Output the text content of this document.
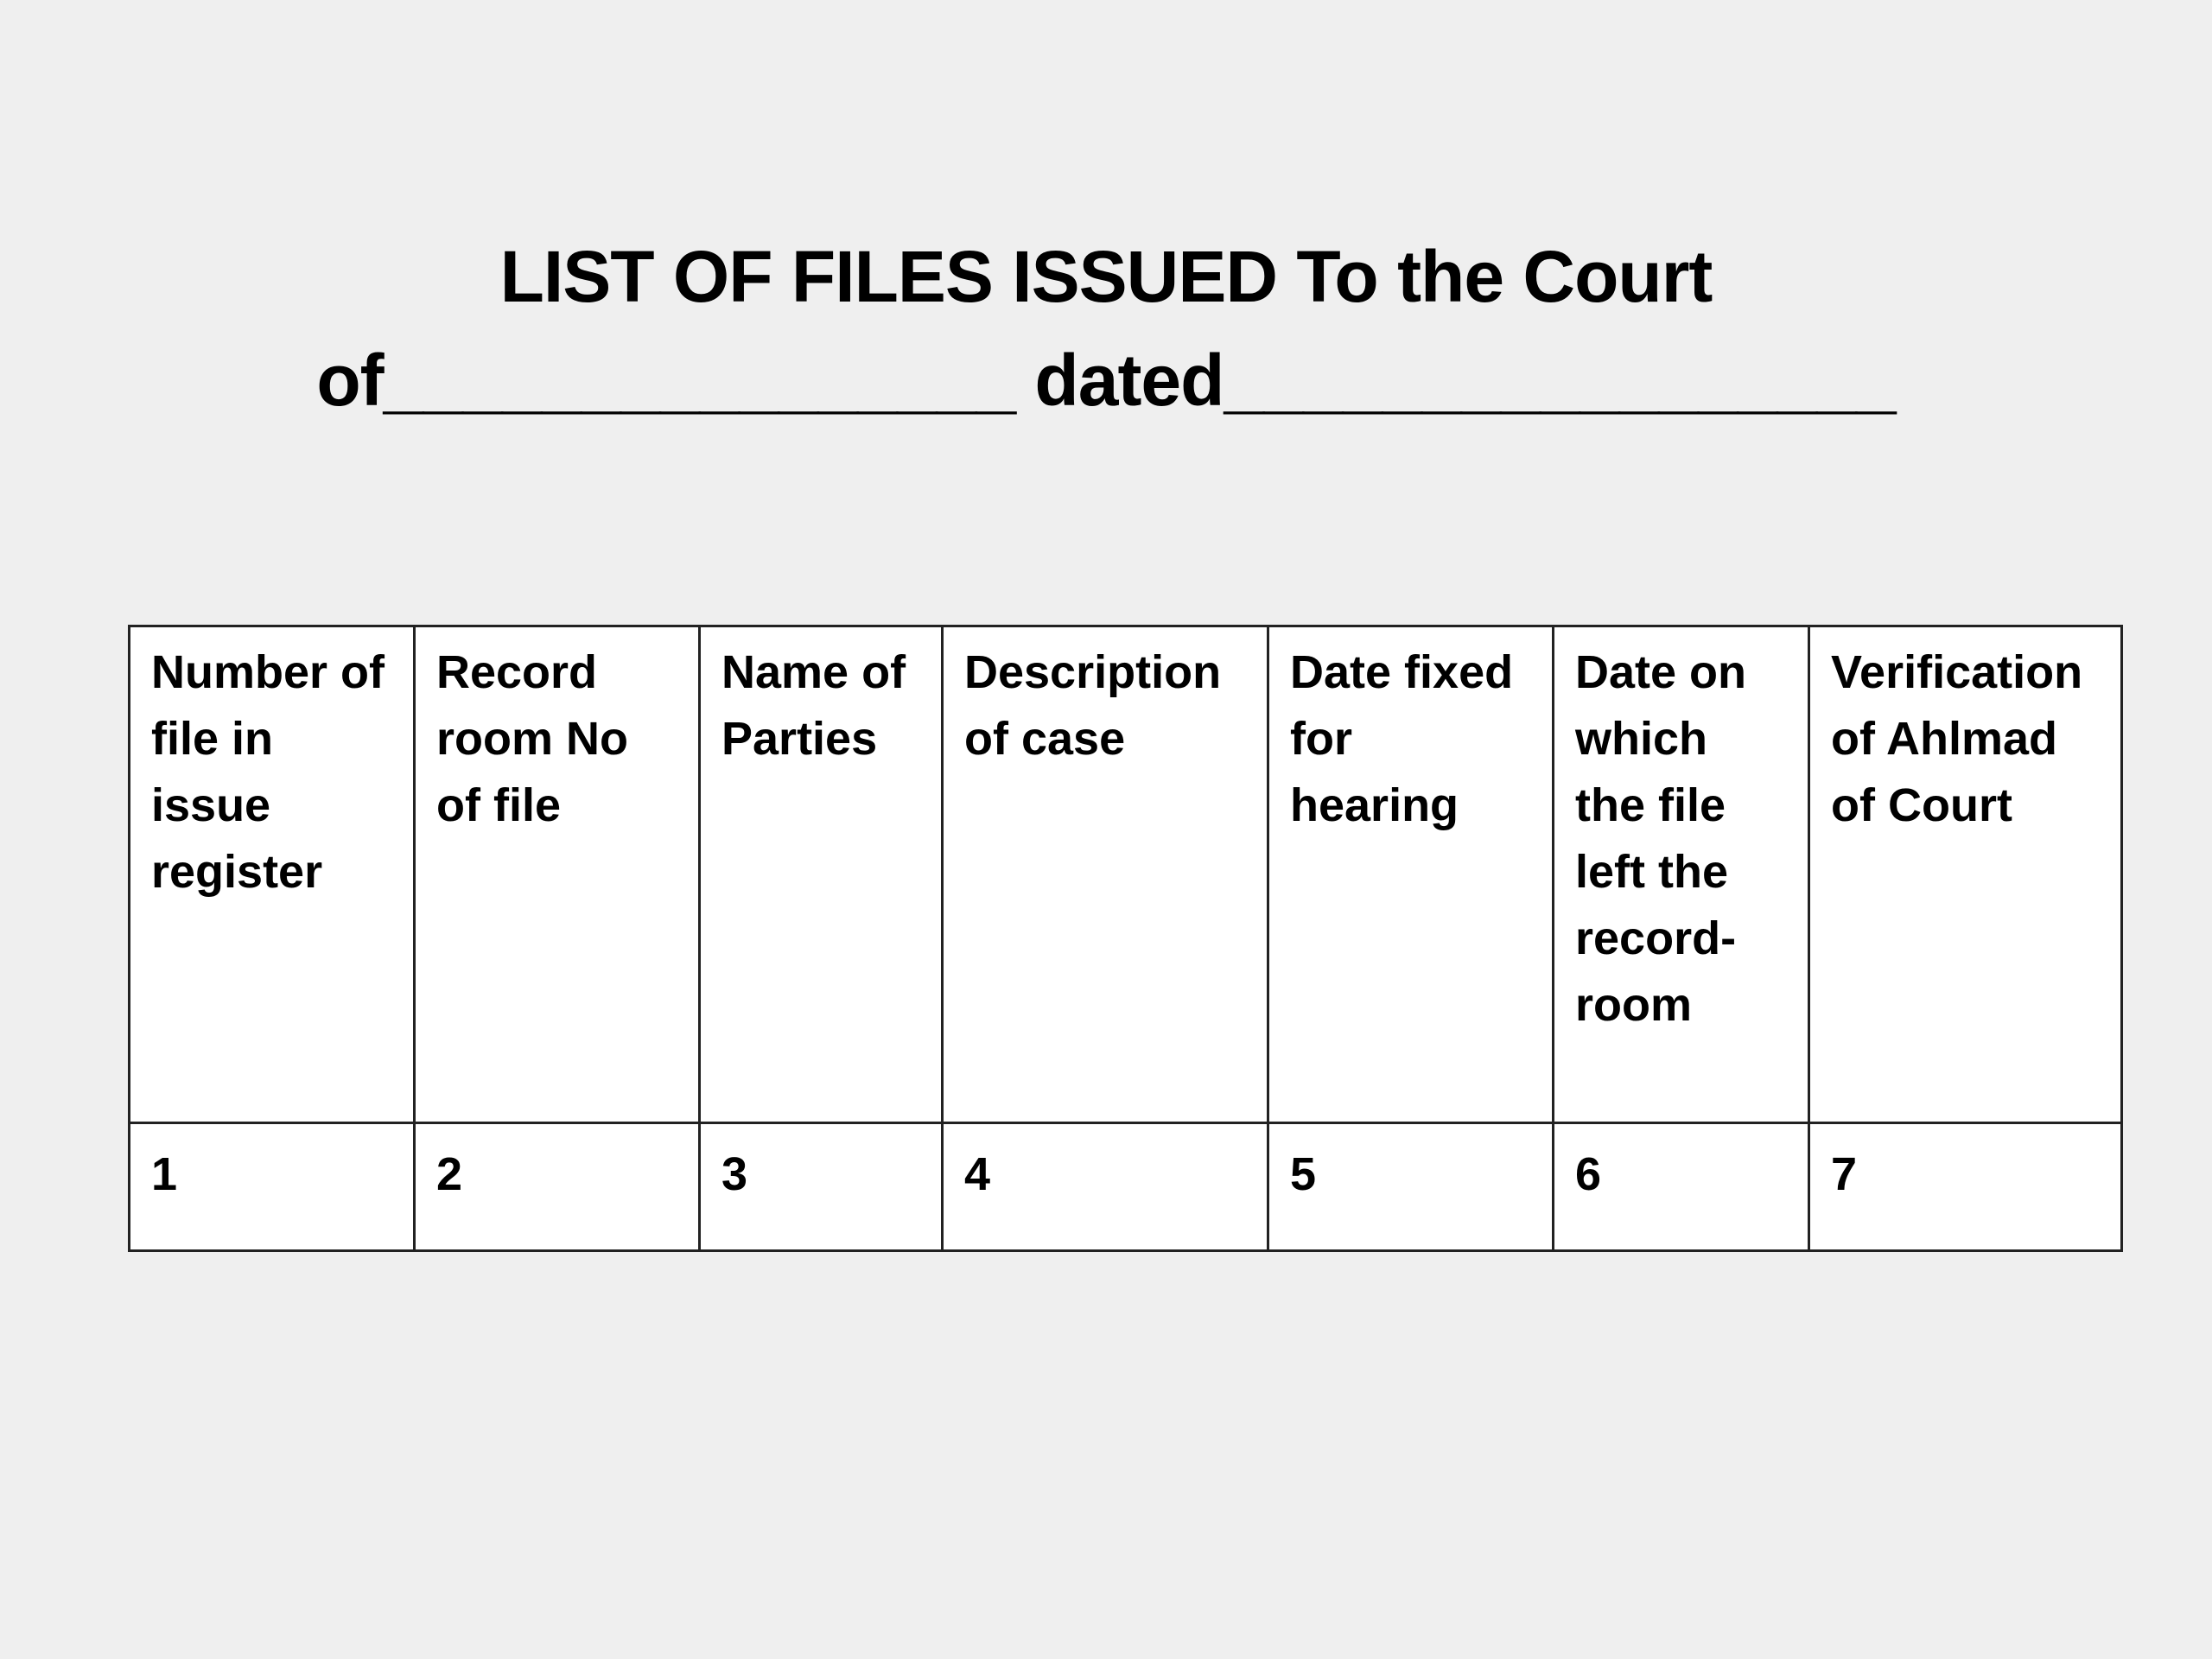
LIST OF FILES ISSUED To the Court
of________________ dated_________________
Number of file in issue register	Record room No of file	Name of Parties	Description of case	Date fixed for hearing	Date on which the file left the record-room	Verification of Ahlmad of Court
1	2	3	4	5	6	7
